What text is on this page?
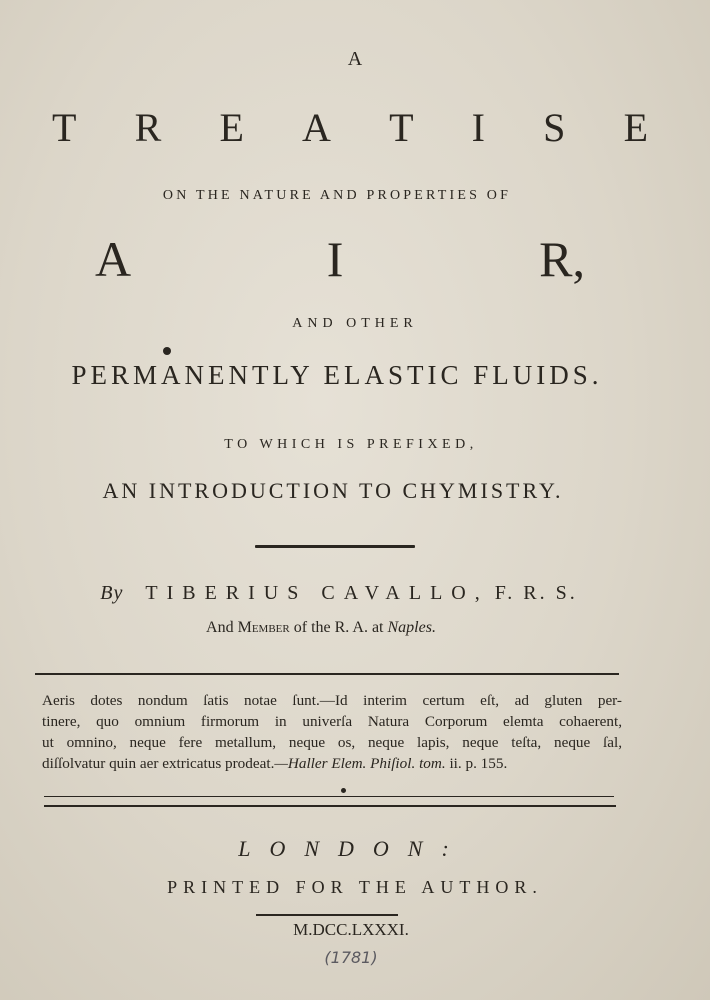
A
T R E A T I S E
ON THE NATURE AND PROPERTIES OF
A	I	R,
AND OTHER
PERMANENTLY ELASTIC FLUIDS.
TO WHICH IS PREFIXED,
AN INTRODUCTION TO CHYMISTRY.
By TIBERIUS CAVALLO, F. R. S.
And Member of the R. A. at Naples.
Aeris dotes nondum ſatis notae ſunt.—Id interim certum eſt, ad gluten per-
tinere, quo omnium firmorum in univerſa Natura Corporum elemta cohaerent,
ut omnino, neque fere metallum, neque os, neque lapis, neque teſta, neque ſal,
diſſolvatur quin aer extricatus prodeat.—Haller Elem. Phiſiol. tom. ii. p. 155.
LONDON:
PRINTED FOR THE AUTHOR.
M.DCC.LXXXI.
(1781)
